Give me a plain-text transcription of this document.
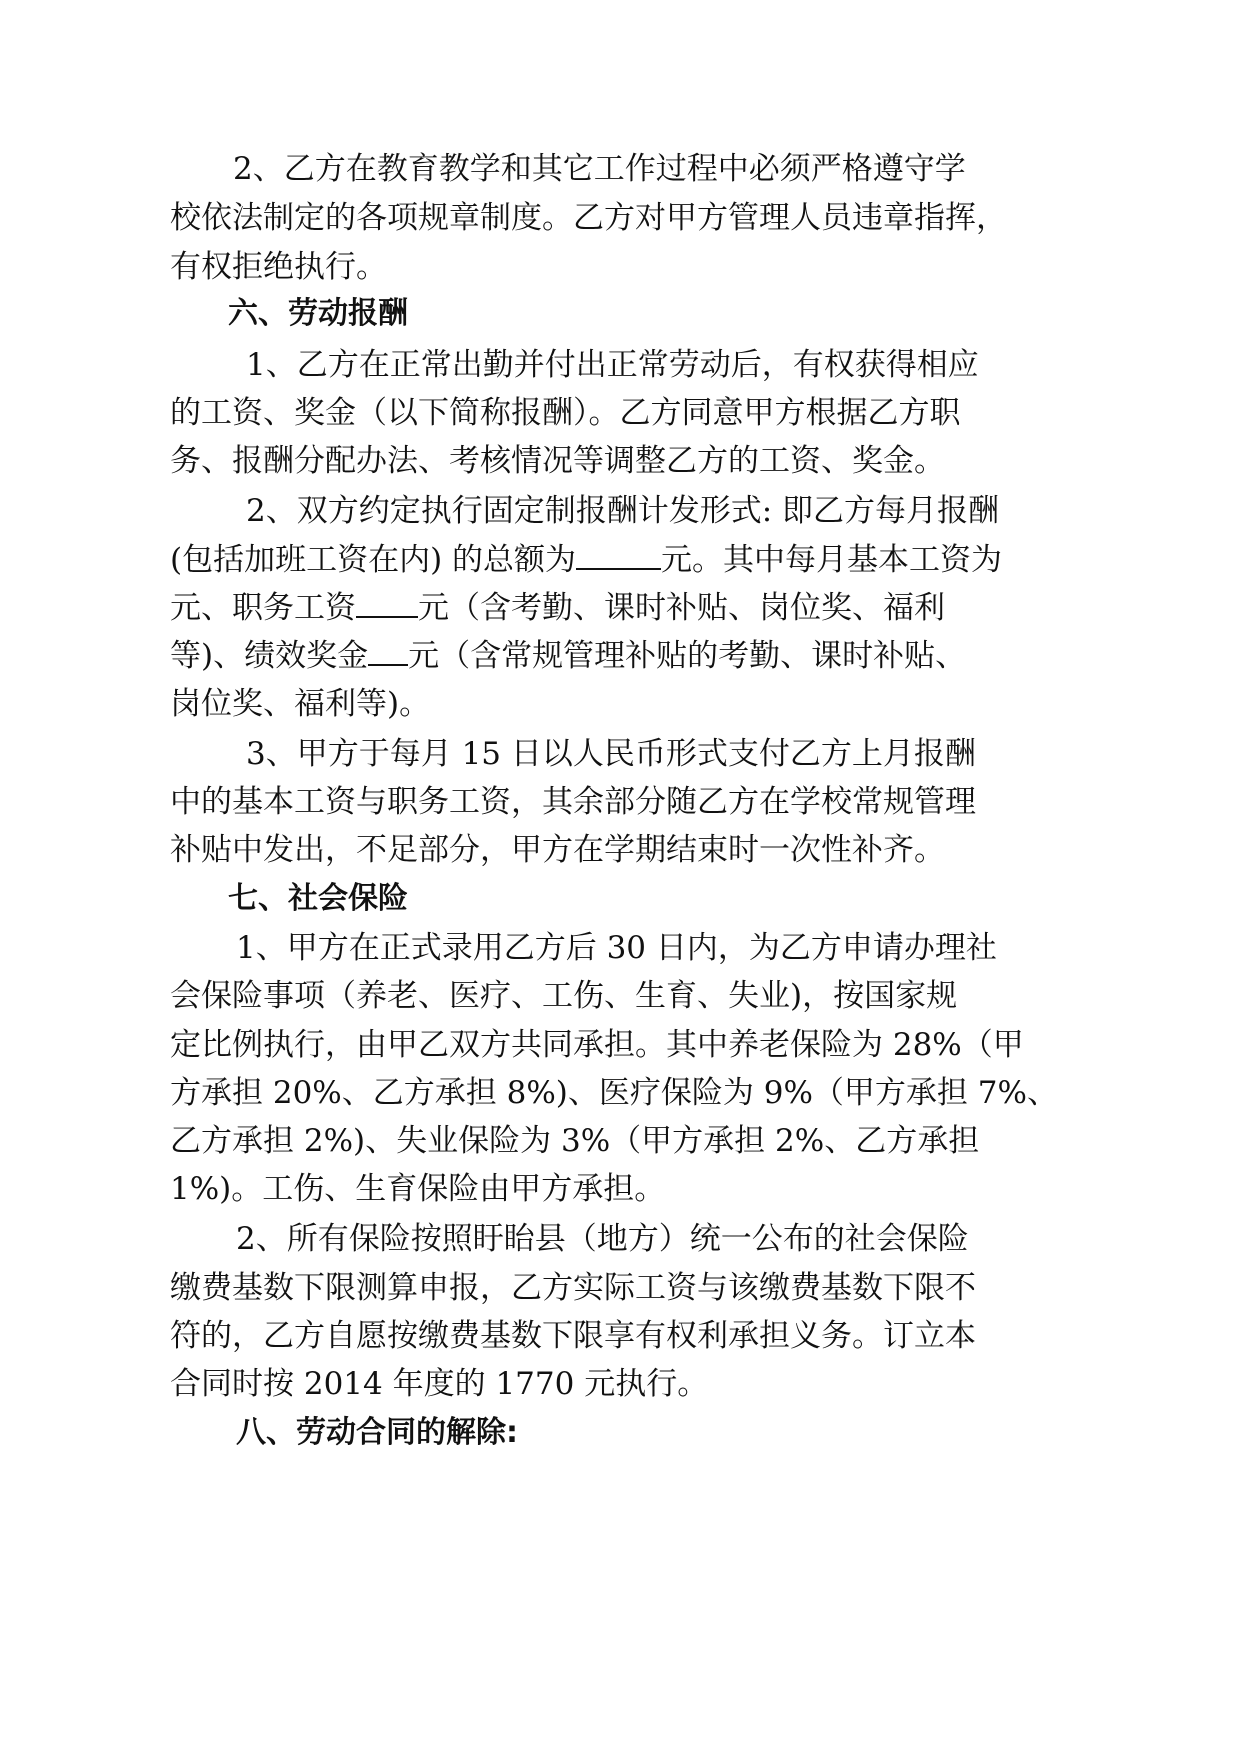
2、乙方在教育教学和其它工作过程中必须严格遵守学
校依法制定的各项规章制度。乙方对甲方管理人员违章指挥，
有权拒绝执行。
六、劳动报酬
1、乙方在正常出勤并付出正常劳动后，有权获得相应
的工资、奖金（以下简称报酬）。乙方同意甲方根据乙方职
务、报酬分配办法、考核情况等调整乙方的工资、奖金。
2、双方约定执行固定制报酬计发形式: 即乙方每月报酬
(包括加班工资在内) 的总额为	元。其中每月基本工资为
元、职务工资 元（含考勤、课时补贴、岗位奖、福利
等)、绩效奖金 元（含常规管理补贴的考勤、课时补贴、
岗位奖、福利等)。
3、甲方于每月 15 日以人民币形式支付乙方上月报酬
中的基本工资与职务工资，其余部分随乙方在学校常规管理
补贴中发出，不足部分，甲方在学期结束时一次性补齐。
七、社会保险
1、甲方在正式录用乙方后 30 日内，为乙方申请办理社
会保险事项（养老、医疗、工伤、生育、失业)，按国家规
定比例执行，由甲乙双方共同承担。其中养老保险为 28%（甲
方承担 20%、乙方承担 8%)、医疗保险为 9%（甲方承担 7%、
乙方承担 2%)、失业保险为 3%（甲方承担 2%、乙方承担
1%)。工伤、生育保险由甲方承担。
2、所有保险按照盱眙县（地方）统一公布的社会保险
缴费基数下限测算申报，乙方实际工资与该缴费基数下限不
符的，乙方自愿按缴费基数下限享有权利承担义务。订立本
合同时按 2014 年度的 1770 元执行。
八、劳动合同的解除:
